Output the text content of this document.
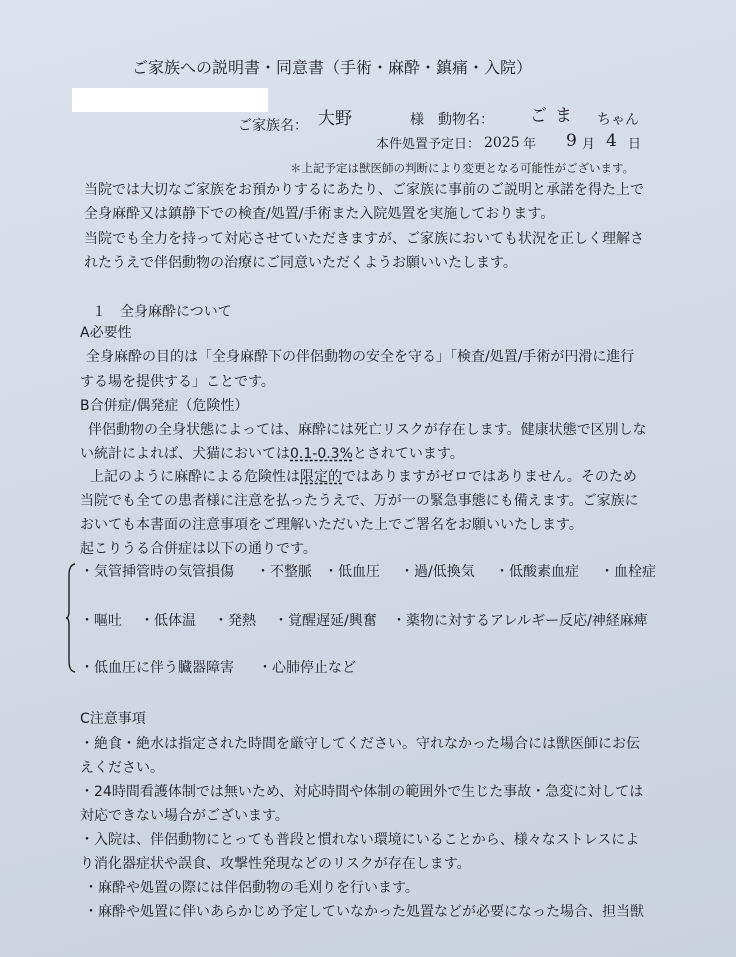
ご家族への説明書・同意書（手術・麻酔・鎮痛・入院）
ご家族名： 大野	様 動物名： ごま ちゃん
本件処置予定日： 2025 年 9 月 4 日
＊上記予定は獣医師の判断により変更となる可能性がございます。
当院では大切なご家族をお預かりするにあたり、ご家族に事前のご説明と承諾を得た上で
全身麻酔又は鎮静下での検査/処置/手術また入院処置を実施しております。
当院でも全力を持って対応させていただきますが、ご家族においても状況を正しく理解さ
れたうえで伴侶動物の治療にご同意いただくようお願いいたします。
１　全身麻酔について
A必要性
全身麻酔の目的は「全身麻酔下の伴侶動物の安全を守る」「検査/処置/手術が円滑に進行
する場を提供する」ことです。
B合併症/偶発症（危険性）
伴侶動物の全身状態によっては、麻酔には死亡リスクが存在します。健康状態で区別しな
い統計によれば、犬猫においては0.1-0.3%とされています。
上記のように麻酔による危険性は限定的ではありますがゼロではありません。そのため
当院でも全ての患者様に注意を払ったうえで、万が一の緊急事態にも備えます。ご家族に
おいても本書面の注意事項をご理解いただいた上でご署名をお願いいたします。
起こりうる合併症は以下の通りです。
・気管挿管時の気管損傷 ・不整脈 ・低血圧 ・過/低換気 ・低酸素血症 ・血栓症
・嘔吐 ・低体温 ・発熱 ・覚醒遅延/興奮 ・薬物に対するアレルギー反応/神経麻痺
・低血圧に伴う臓器障害 ・心肺停止など
C注意事項
・絶食・絶水は指定された時間を厳守してください。守れなかった場合には獣医師にお伝
えください。
・24時間看護体制では無いため、対応時間や体制の範囲外で生じた事故・急変に対しては
対応できない場合がございます。
・入院は、伴侶動物にとっても普段と慣れない環境にいることから、様々なストレスによ
り消化器症状や誤食、攻撃性発現などのリスクが存在します。
・麻酔や処置の際には伴侶動物の毛刈りを行います。
・麻酔や処置に伴いあらかじめ予定していなかった処置などが必要になった場合、担当獣
